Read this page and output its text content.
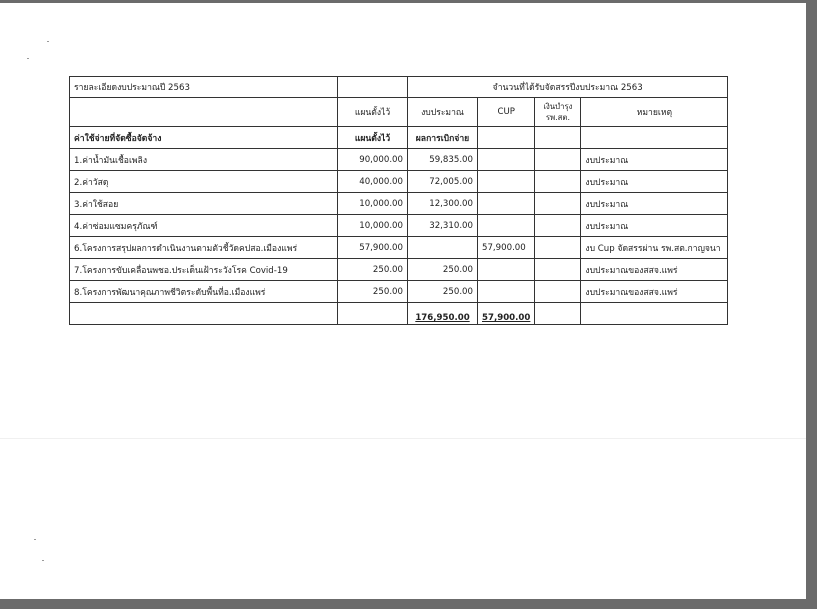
รายละเอียดงบประมาณปี 2563		จำนวนที่ได้รับจัดสรรปีงบประมาณ 2563			
	แผนตั้งไว้	งบประมาณ	CUP	เงินบำรุง รพ.สต.	หมายเหตุ
ค่าใช้จ่ายที่จัดซื้อจัดจ้าง	แผนตั้งไว้	ผลการเบิกจ่าย			
1.ค่าน้ำมันเชื้อเพลิง	90,000.00	59,835.00			งบประมาณ
2.ค่าวัสดุ	40,000.00	72,005.00			งบประมาณ
3.ค่าใช้สอย	10,000.00	12,300.00			งบประมาณ
4.ค่าซ่อมแซมครุภัณฑ์	10,000.00	32,310.00			งบประมาณ
6.โครงการสรุปผลการดำเนินงานตามตัวชี้วัดคปสอ.เมืองแพร่	57,900.00		57,900.00		งบ Cup จัดสรรผ่าน รพ.สต.กาญจนา
7.โครงการขับเคลื่อนพชอ.ประเด็นเฝ้าระวังโรค Covid-19	250.00	250.00			งบประมาณของสสจ.แพร่
8.โครงการพัฒนาคุณภาพชีวิตระดับพื้นที่อ.เมืองแพร่	250.00	250.00			งบประมาณของสสจ.แพร่
		176,950.00	57,900.00		
